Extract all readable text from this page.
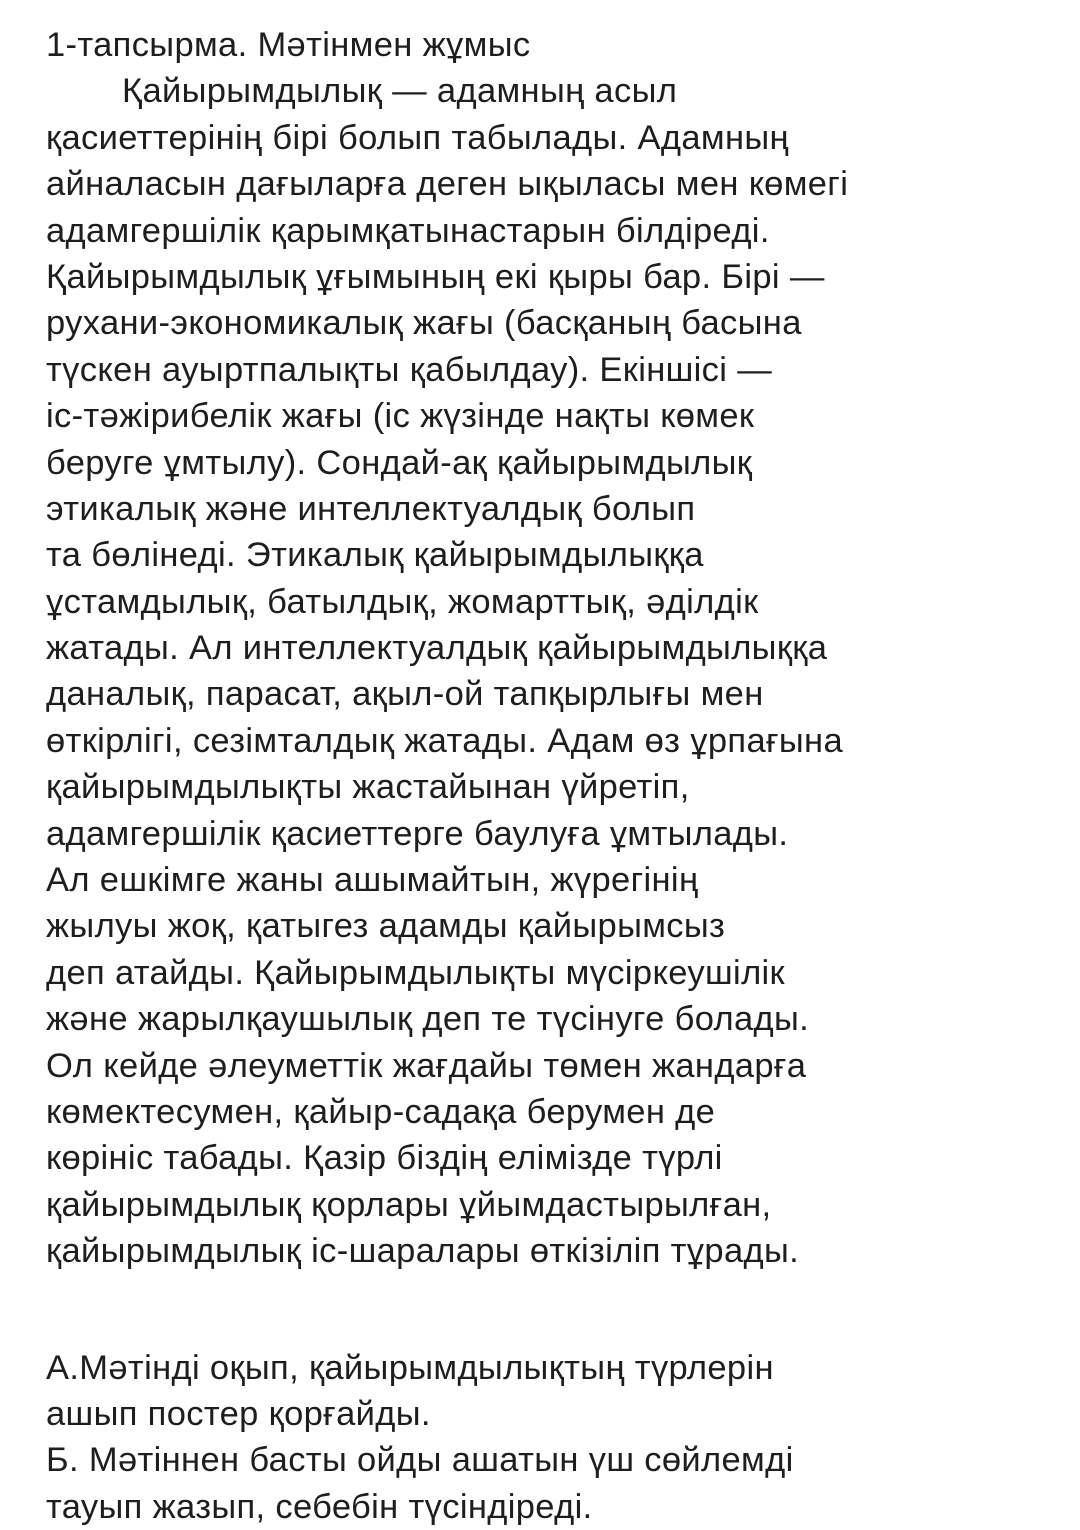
1-тапсырма. Мәтінмен жұмыс
Қайырымдылық — адамның асыл
қасиеттерінің бірі болып табылады. Адамның
айналасын дағыларға деген ықыласы мен көмегі
адамгершілік қарымқатынастарын білдіреді.
Қайырымдылық ұғымының екі қыры бар. Бірі —
рухани-экономикалық жағы (басқаның басына
түскен ауыртпалықты қабылдау). Екіншісі —
іс-тәжірибелік жағы (іс жүзінде нақты көмек
беруге ұмтылу). Сондай-ақ қайырымдылық
этикалық және интеллектуалдық болып
та бөлінеді. Этикалық қайырымдылыққа
ұстамдылық, батылдық, жомарттық, әділдік
жатады. Ал интеллектуалдық қайырымдылыққа
даналық, парасат, ақыл-ой тапқырлығы мен
өткірлігі, сезімталдық жатады. Адам өз ұрпағына
қайырымдылықты жастайынан үйретіп,
адамгершілік қасиеттерге баулуға ұмтылады.
Ал ешкімге жаны ашымайтын, жүрегінің
жылуы жоқ, қатыгез адамды қайырымсыз
деп атайды. Қайырымдылықты мүсіркеушілік
және жарылқаушылық деп те түсінуге болады.
Ол кейде әлеуметтік жағдайы төмен жандарға
көмектесумен, қайыр-садақа берумен де
көрініс табады. Қазір біздің елімізде түрлі
қайырымдылық қорлары ұйымдастырылған,
қайырымдылық іс-шаралары өткізіліп тұрады.
А.Мәтінді оқып, қайырымдылықтың түрлерін
ашып постер қорғайды.
Б. Мәтіннен басты ойды ашатын үш сөйлемді
тауып жазып, себебін түсіндіреді.
